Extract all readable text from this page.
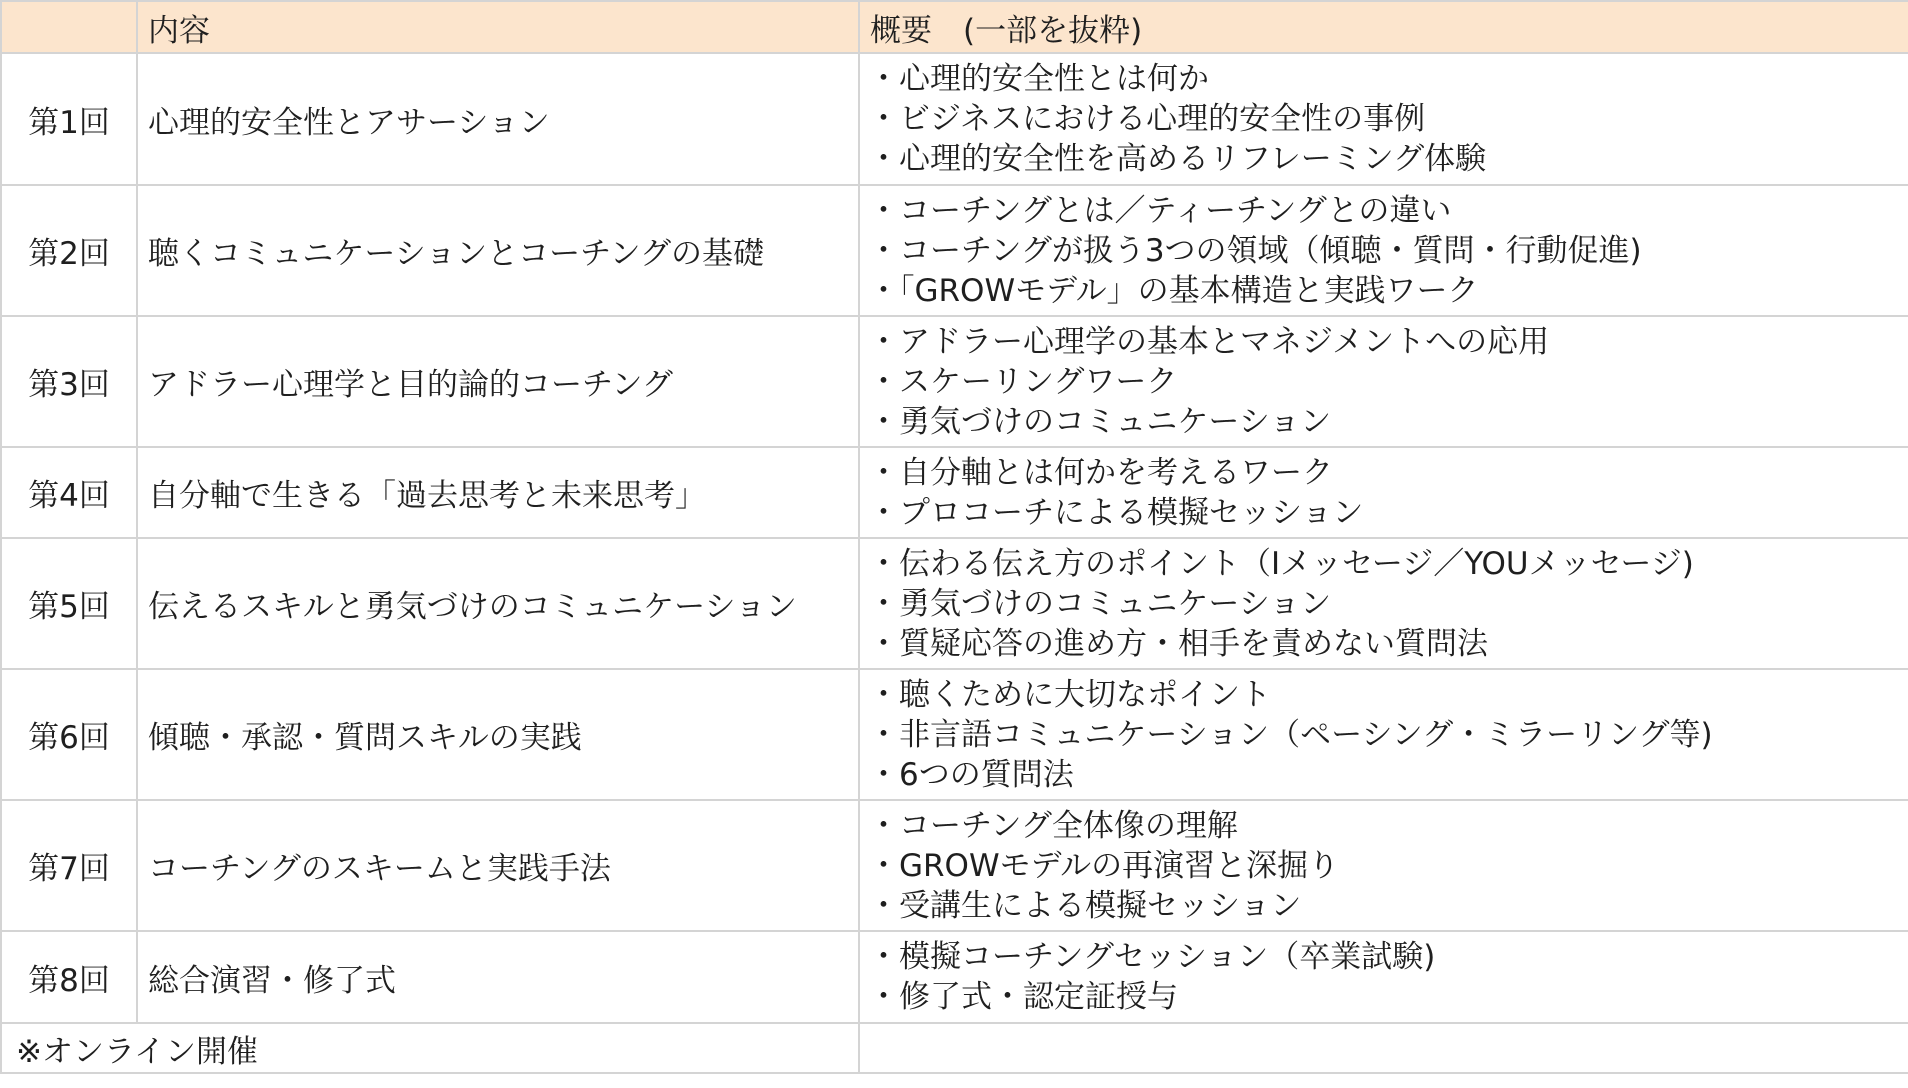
	内容	概要　(一部を抜粋)
第1回	心理的安全性とアサーション	・心理的安全性とは何か
・ビジネスにおける心理的安全性の事例
・心理的安全性を高めるリフレーミング体験

第2回	聴くコミュニケーションとコーチングの基礎	・コーチングとは／ティーチングとの違い
・コーチングが扱う3つの領域（傾聴・質問・行動促進)
・「GROWモデル」の基本構造と実践ワーク

第3回	アドラー心理学と目的論的コーチング	・アドラー心理学の基本とマネジメントへの応用
・スケーリングワーク
・勇気づけのコミュニケーション

第4回	自分軸で生きる「過去思考と未来思考」	・自分軸とは何かを考えるワーク
・プロコーチによる模擬セッション

第5回	伝えるスキルと勇気づけのコミュニケーション	・伝わる伝え方のポイント（Iメッセージ／YOUメッセージ)
・勇気づけのコミュニケーション
・質疑応答の進め方・相手を責めない質問法

第6回	傾聴・承認・質問スキルの実践	・聴くために大切なポイント
・非言語コミュニケーション（ペーシング・ミラーリング等)
・6つの質問法

第7回	コーチングのスキームと実践手法	・コーチング全体像の理解
・GROWモデルの再演習と深掘り
・受講生による模擬セッション

第8回	総合演習・修了式	・模擬コーチングセッション（卒業試験)
・修了式・認定証授与

※オンライン開催		
